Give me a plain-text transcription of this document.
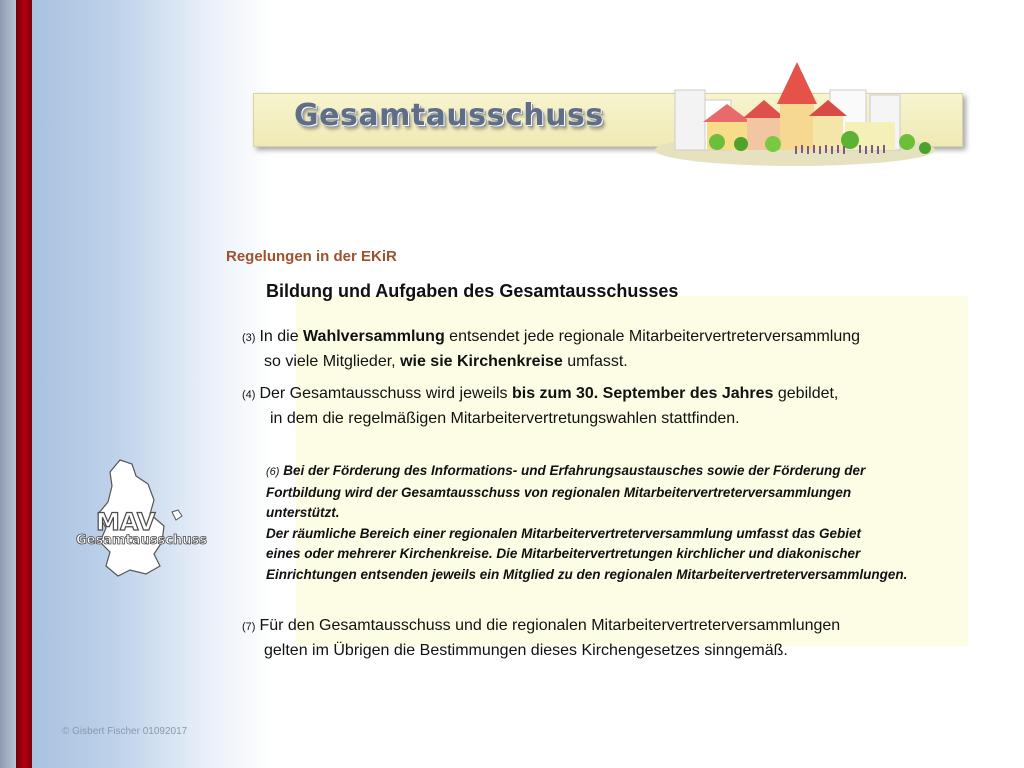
Gesamtausschuss
Regelungen in der EKiR
Bildung und Aufgaben des Gesamtausschusses
(3) In die Wahlversammlung entsendet jede regionale Mitarbeitervertreterversammlung
so viele Mitglieder, wie sie Kirchenkreise umfasst.
(4) Der Gesamtausschuss wird jeweils bis zum 30. September des Jahres gebildet,
in dem die regelmäßigen Mitarbeitervertretungswahlen stattfinden.
(6) Bei der Förderung des Informations- und Erfahrungsaustausches sowie der Förderung der
Fortbildung wird der Gesamtausschuss von regionalen Mitarbeitervertreterversammlungen
unterstützt.
Der räumliche Bereich einer regionalen Mitarbeitervertreterversammlung umfasst das Gebiet
eines oder mehrerer Kirchenkreise. Die Mitarbeitervertretungen kirchlicher und diakonischer
Einrichtungen entsenden jeweils ein Mitglied zu den regionalen Mitarbeitervertreterversammlungen.
(7) Für den Gesamtausschuss und die regionalen Mitarbeitervertreterversammlungen
gelten im Übrigen die Bestimmungen dieses Kirchengesetzes sinngemäß.
MAV
Gesamtausschuss
© Gisbert Fischer 01092017
